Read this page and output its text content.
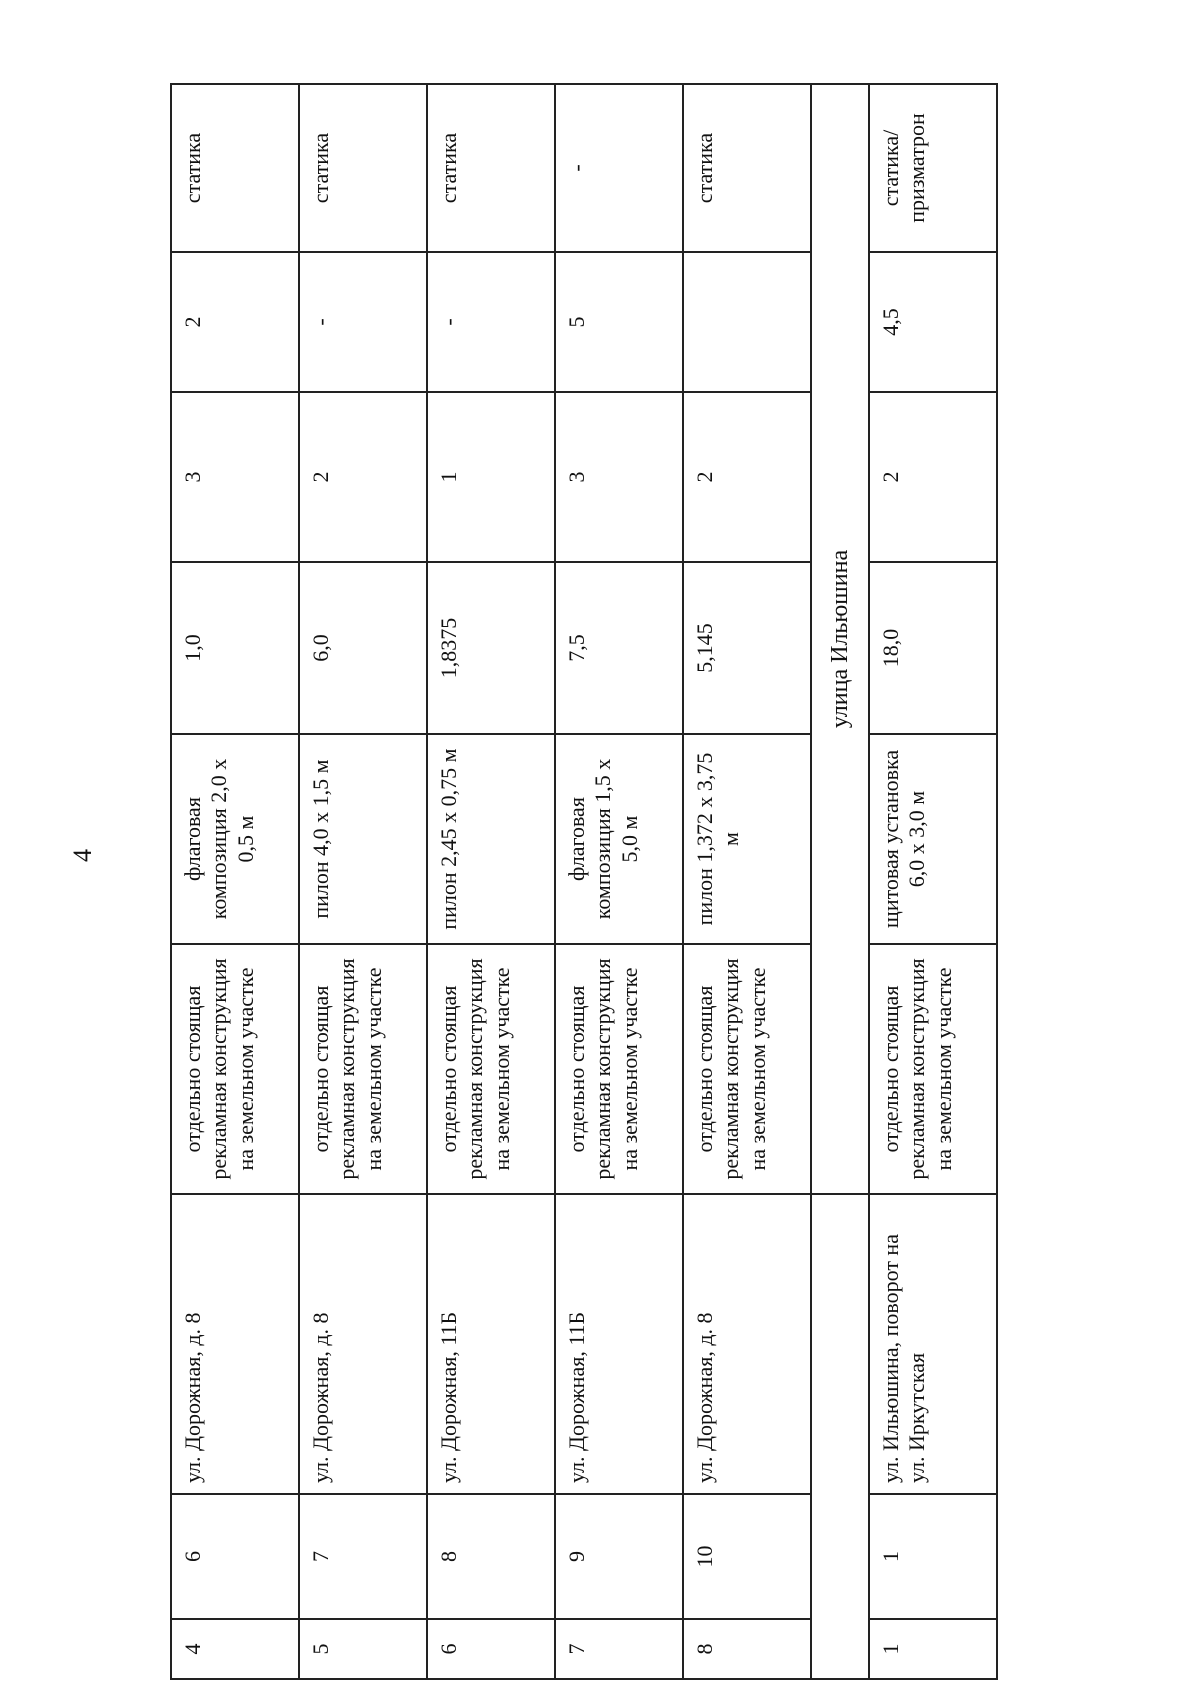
4
4	6	ул. Дорожная, д. 8	отдельно стоящая рекламная конструкция на земельном участке	флаговая композиция 2,0 х 0,5 м	1,0	3	2	статика
5	7	ул. Дорожная, д. 8	отдельно стоящая рекламная конструкция на земельном участке	пилон 4,0 х 1,5 м	6,0	2	-	статика
6	8	ул. Дорожная, 11Б	отдельно стоящая рекламная конструкция на земельном участке	пилон 2,45 х 0,75 м	1,8375	1	-	статика
7	9	ул. Дорожная, 11Б	отдельно стоящая рекламная конструкция на земельном участке	флаговая композиция 1,5 х 5,0 м	7,5	3	5	-
8	10	ул. Дорожная, д. 8	отдельно стоящая рекламная конструкция на земельном участке	пилон 1,372 х 3,75 м	5,145	2		статика
			улица Ильюшина					
1	1	ул. Ильюшина, поворот на ул. Иркутская	отдельно стоящая рекламная конструкция на земельном участке	щитовая установка 6,0 х 3,0 м	18,0	2	4,5	статика/ призматрон
